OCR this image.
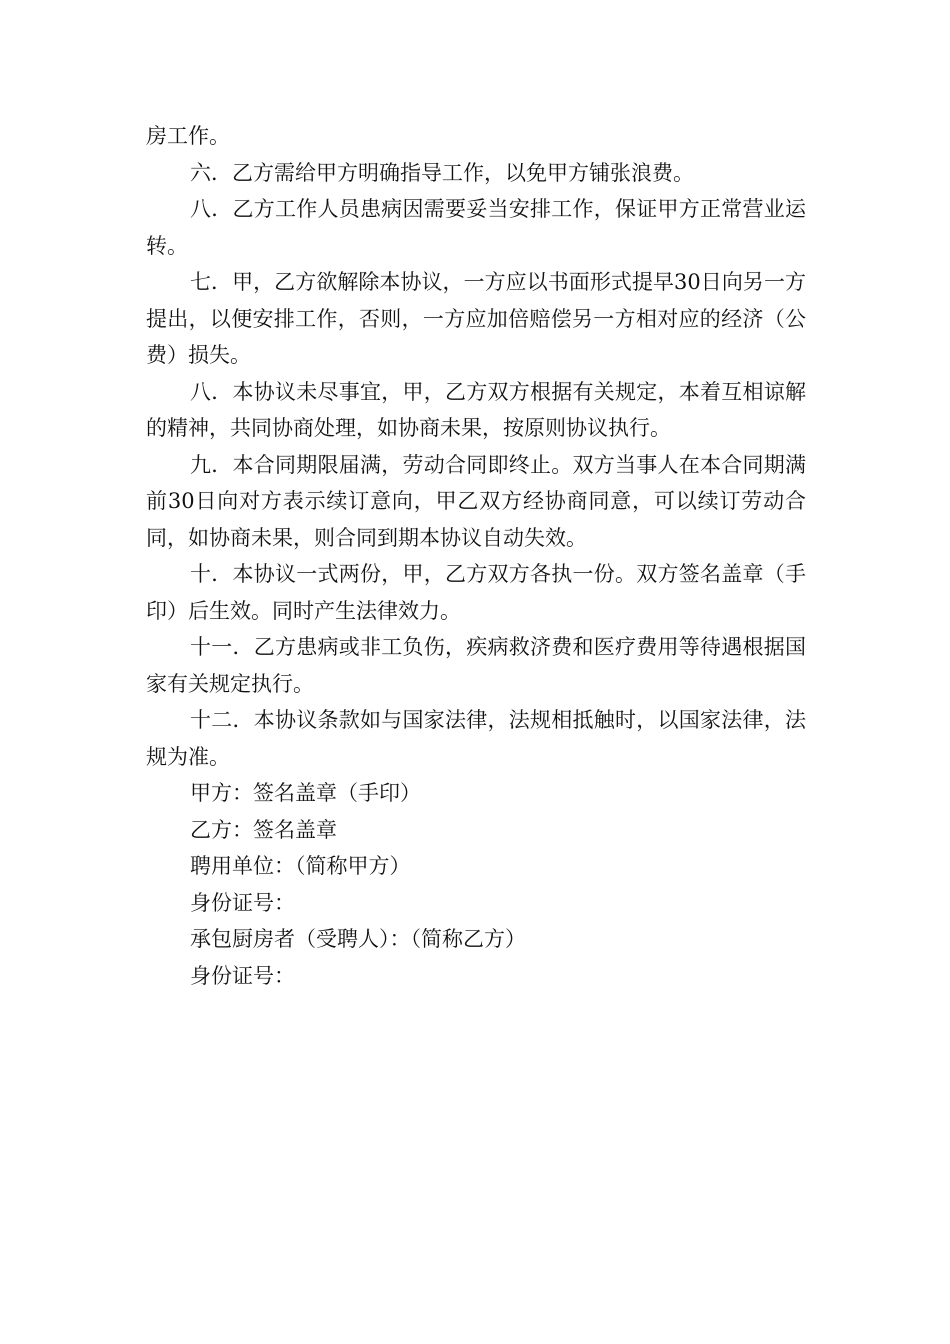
房工作。

六．乙方需给甲方明确指导工作，以免甲方铺张浪费。

八．乙方工作人员患病因需要妥当安排工作，保证甲方正常营业运转。

七．甲，乙方欲解除本协议，一方应以书面形式提早30日向另一方提出，以便安排工作，否则，一方应加倍赔偿另一方相对应的经济（公费）损失。

八．本协议未尽事宜，甲，乙方双方根据有关规定，本着互相谅解的精神，共同协商处理，如协商未果，按原则协议执行。

九．本合同期限届满，劳动合同即终止。双方当事人在本合同期满前30日向对方表示续订意向，甲乙双方经协商同意，可以续订劳动合同，如协商未果，则合同到期本协议自动失效。

十．本协议一式两份，甲，乙方双方各执一份。双方签名盖章（手印）后生效。同时产生法律效力。

十一．乙方患病或非工负伤，疾病救济费和医疗费用等待遇根据国家有关规定执行。

十二．本协议条款如与国家法律，法规相抵触时，以国家法律，法规为准。

甲方：签名盖章（手印）

乙方：签名盖章

聘用单位：（简称甲方）

身份证号：

承包厨房者（受聘人）：（简称乙方）

身份证号：
